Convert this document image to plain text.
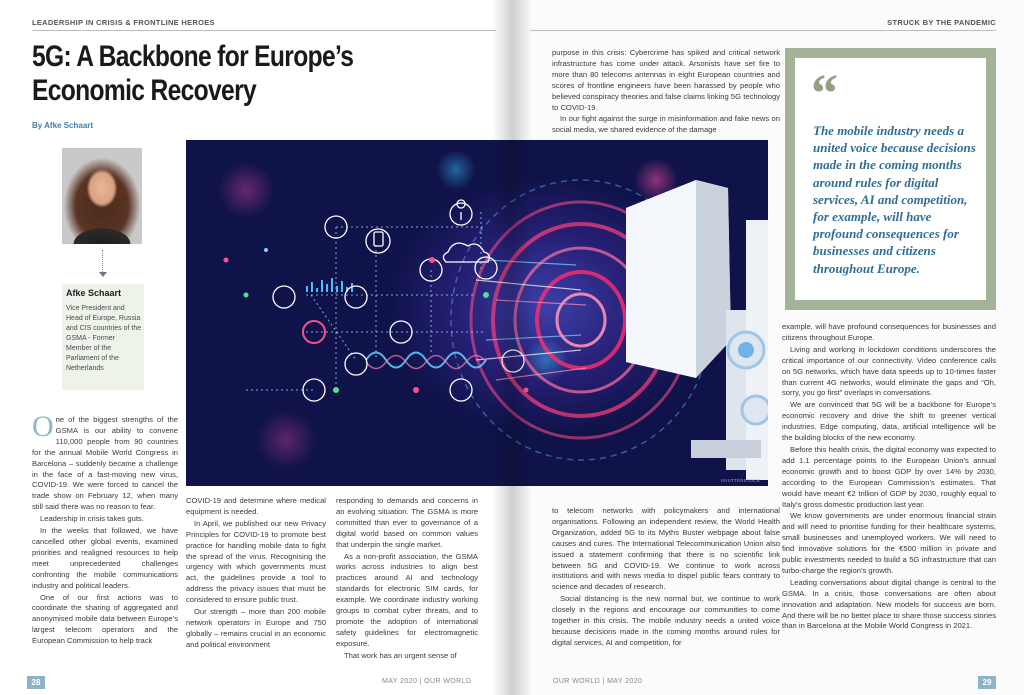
LEADERSHIP IN CRISIS & FRONTLINE HEROES
5G: A Backbone for Europe’s Economic Recovery
By Afke Schaart
Afke Schaart
Vice President and Head of Europe, Russia and CIS countries of the GSMA - Former Member of the Parliament of the Netherlands

One of the biggest strengths of the GSMA is our ability to convene 110,000 people from 90 countries for the annual Mobile World Congress in Barcelona – suddenly became a challenge in the face of a fast-moving new virus, COVID-19. We were forced to cancel the trade show on February 12, when many still said there was no reason to fear.

Leadership in crisis takes guts.

In the weeks that followed, we have cancelled other global events, examined priorities and realigned resources to help meet unprecedented challenges confronting the mobile communications industry and political leaders.

One of our first actions was to coordinate the sharing of aggregated and anonymised mobile data between Europe’s largest telecom operators and the European Commission to help track

COVID-19 and determine where medical equipment is needed.

In April, we published our new Privacy Principles for COVID-19 to promote best practice for handling mobile data to fight the spread of the virus. Recognising the urgency with which governments must act, the guidelines provide a tool to address the privacy issues that must be considered to ensure public trust.

Our strength – more than 200 mobile network operators in Europe and 750 globally – remains crucial in an economic and political environment

responding to demands and concerns in an evolving situation. The GSMA is more committed than ever to governance of a digital world based on common values that underpin the single market.

As a non-profit association, the GSMA works across industries to align best practices around AI and technology standards for electronic SIM cards, for example. We coordinate industry working groups to combat cyber threats, and to promote the adoption of international safety guidelines for electromagnetic exposure.

That work has an urgent sense of

28	MAY 2020 | OUR WORLD
STRUCK BY THE PANDEMIC

purpose in this crisis: Cybercrime has spiked and critical network infrastructure has come under attack. Arsonists have set fire to more than 80 telecoms antennas in eight European countries and scores of frontline engineers have been harassed by people who believed conspiracy theories and false claims linking 5G technology to COVID-19.

In our fight against the surge in misinformation and fake news on social media, we shared evidence of the damage

to telecom networks with policymakers and international organisations. Following an independent review, the World Health Organization, added 5G to its Myths Buster webpage about false causes and cures. The International Telecommunication Union also issued a statement confirming that there is no scientific link between 5G and COVID-19. We continue to work across institutions and with news media to dispel public fears contrary to science and decades of research.

Social distancing is the new normal but, we continue to work closely in the regions and encourage our communities to come together in this crisis. The mobile industry needs a united voice because decisions made in the coming months around rules for digital services, AI and competition, for

example, will have profound consequences for businesses and citizens throughout Europe.

Living and working in lockdown conditions underscores the critical importance of our connectivity. Video conference calls on 5G networks, which have data speeds up to 10-times faster than current 4G networks, would eliminate the gaps and “Oh, sorry, you go first” overlaps in conversations.

We are convinced that 5G will be a backbone for Europe’s economic recovery and drive the shift to greener vertical industries. Edge computing, data, artificial intelligence will be the building blocks of the new economy.

Before this health crisis, the digital economy was expected to add 1.1 percentage points to the European Union’s annual economic growth and to boost GDP by over 14% by 2030, according to the European Commission’s estimates. That would have meant €2 trillion of GDP by 2030, roughly equal to Italy’s gross domestic production last year.

We know governments are under enormous financial strain and will need to prioritise funding for their healthcare systems, small businesses and unemployed workers. We will need to find innovative solutions for the €500 million in private and public investments needed to build a 5G infrastructure that can turbo-charge the region’s growth.

Leading conversations about digital change is central to the GSMA. In a crisis, those conversations are often about innovation and adaptation. New models for success are born. And there will be no better place to share those success stories than in Barcelona at the Mobile World Congress in 2021.

29
OUR WORLD | MAY 2020
“
The mobile industry needs a united voice because decisions made in the coming months around rules for digital services, AI and competition, for example, will have profound consequences for businesses and citizens throughout Europe.
SHUTTERSTOCK
